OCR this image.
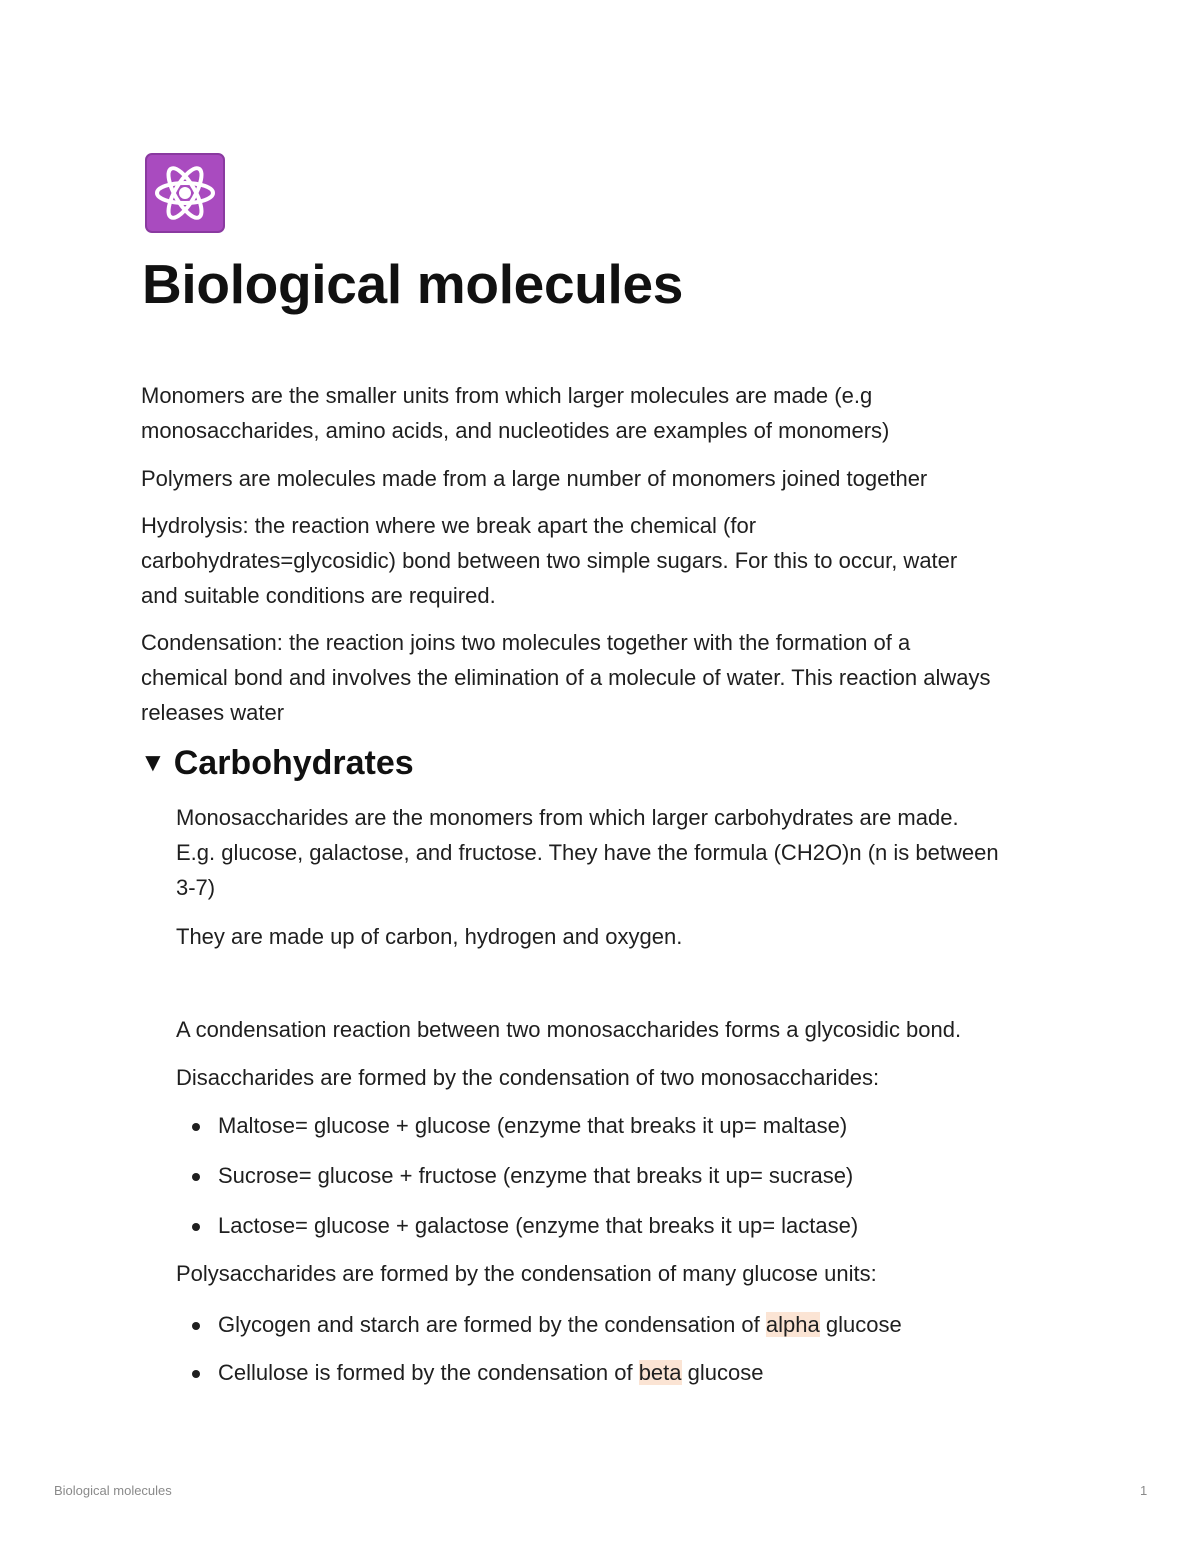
Biological molecules

Monomers are the smaller units from which larger molecules are made (e.g

monosaccharides, amino acids, and nucleotides are examples of monomers)

Polymers are molecules made from a large number of monomers joined together

Hydrolysis: the reaction where we break apart the chemical (for

carbohydrates=glycosidic) bond between two simple sugars. For this to occur, water

and suitable conditions are required.

Condensation: the reaction joins two molecules together with the formation of a

chemical bond and involves the elimination of a molecule of water. This reaction always

releases water

▼ Carbohydrates

Monosaccharides are the monomers from which larger carbohydrates are made.

E.g. glucose, galactose, and fructose. They have the formula (CH2O)n (n is between

3-7)

They are made up of carbon, hydrogen and oxygen.

A condensation reaction between two monosaccharides forms a glycosidic bond.

Disaccharides are formed by the condensation of two monosaccharides:

Maltose= glucose + glucose (enzyme that breaks it up= maltase)
Sucrose= glucose + fructose (enzyme that breaks it up= sucrase)
Lactose= glucose + galactose (enzyme that breaks it up= lactase)

Polysaccharides are formed by the condensation of many glucose units:

Glycogen and starch are formed by the condensation of alpha glucose
Cellulose is formed by the condensation of beta glucose
Biological molecules	1
